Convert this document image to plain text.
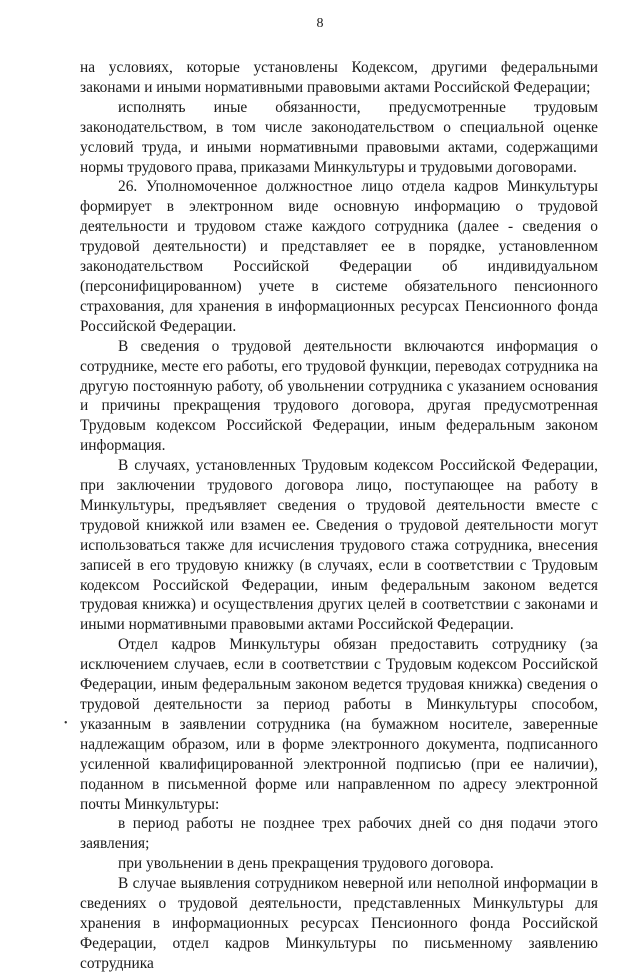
8

на условиях, которые установлены Кодексом, другими федеральными законами и иными нормативными правовыми актами Российской Федерации;

исполнять иные обязанности, предусмотренные трудовым законодательством, в том числе законодательством о специальной оценке условий труда, и иными нормативными правовыми актами, содержащими нормы трудового права, приказами Минкультуры и трудовыми договорами.

26. Уполномоченное должностное лицо отдела кадров Минкультуры формирует в электронном виде основную информацию о трудовой деятельности и трудовом стаже каждого сотрудника (далее - сведения о трудовой деятельности) и представляет ее в порядке, установленном законодательством Российской Федерации об индивидуальном (персонифицированном) учете в системе обязательного пенсионного страхования, для хранения в информационных ресурсах Пенсионного фонда Российской Федерации.

В сведения о трудовой деятельности включаются информация о сотруднике, месте его работы, его трудовой функции, переводах сотрудника на другую постоянную работу, об увольнении сотрудника с указанием основания и причины прекращения трудового договора, другая предусмотренная Трудовым кодексом Российской Федерации, иным федеральным законом информация.

В случаях, установленных Трудовым кодексом Российской Федерации, при заключении трудового договора лицо, поступающее на работу в Минкультуры, предъявляет сведения о трудовой деятельности вместе с трудовой книжкой или взамен ее. Сведения о трудовой деятельности могут использоваться также для исчисления трудового стажа сотрудника, внесения записей в его трудовую книжку (в случаях, если в соответствии с Трудовым кодексом Российской Федерации, иным федеральным законом ведется трудовая книжка) и осуществления других целей в соответствии с законами и иными нормативными правовыми актами Российской Федерации.

Отдел кадров Минкультуры обязан предоставить сотруднику (за исключением случаев, если в соответствии с Трудовым кодексом Российской Федерации, иным федеральным законом ведется трудовая книжка) сведения о трудовой деятельности за период работы в Минкультуры способом, указанным в заявлении сотрудника (на бумажном носителе, заверенные надлежащим образом, или в форме электронного документа, подписанного усиленной квалифицированной электронной подписью (при ее наличии), поданном в письменной форме или направленном по адресу электронной почты Минкультуры:

в период работы не позднее трех рабочих дней со дня подачи этого заявления;

при увольнении в день прекращения трудового договора.

В случае выявления сотрудником неверной или неполной информации в сведениях о трудовой деятельности, представленных Минкультуры для хранения в информационных ресурсах Пенсионного фонда Российской Федерации, отдел кадров Минкультуры по письменному заявлению сотрудника

•
